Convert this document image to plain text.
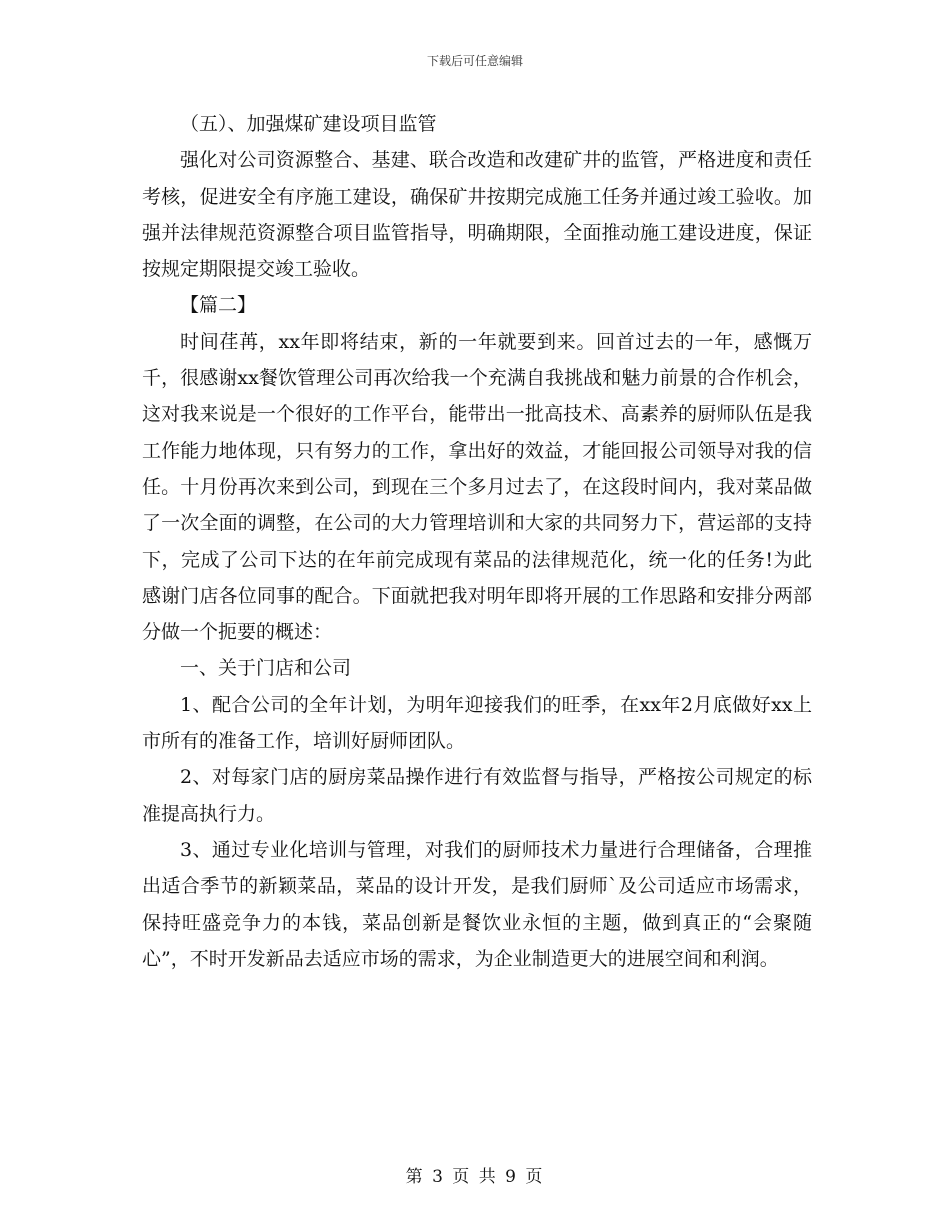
下载后可任意编辑

（五）、加强煤矿建设项目监管

强化对公司资源整合、基建、联合改造和改建矿井的监管，严格进度和责任考核，促进安全有序施工建设，确保矿井按期完成施工任务并通过竣工验收。加强并法律规范资源整合项目监管指导，明确期限，全面推动施工建设进度，保证按规定期限提交竣工验收。

【篇二】

时间荏苒，xx年即将结束，新的一年就要到来。回首过去的一年，感慨万千，很感谢xx餐饮管理公司再次给我一个充满自我挑战和魅力前景的合作机会，这对我来说是一个很好的工作平台，能带出一批高技术、高素养的厨师队伍是我工作能力地体现，只有努力的工作，拿出好的效益，才能回报公司领导对我的信任。十月份再次来到公司，到现在三个多月过去了，在这段时间内，我对菜品做了一次全面的调整，在公司的大力管理培训和大家的共同努力下，营运部的支持下，完成了公司下达的在年前完成现有菜品的法律规范化，统一化的任务!为此感谢门店各位同事的配合。下面就把我对明年即将开展的工作思路和安排分两部分做一个扼要的概述：

一、关于门店和公司

1、配合公司的全年计划，为明年迎接我们的旺季，在xx年2月底做好xx上市所有的准备工作，培训好厨师团队。

2、对每家门店的厨房菜品操作进行有效监督与指导，严格按公司规定的标准提高执行力。

3、通过专业化培训与管理，对我们的厨师技术力量进行合理储备，合理推出适合季节的新颖菜品，菜品的设计开发，是我们厨师`及公司适应市场需求，保持旺盛竞争力的本钱，菜品创新是餐饮业永恒的主题，做到真正的“会聚随心”，不时开发新品去适应市场的需求，为企业制造更大的进展空间和利润。

第 3 页 共 9 页
